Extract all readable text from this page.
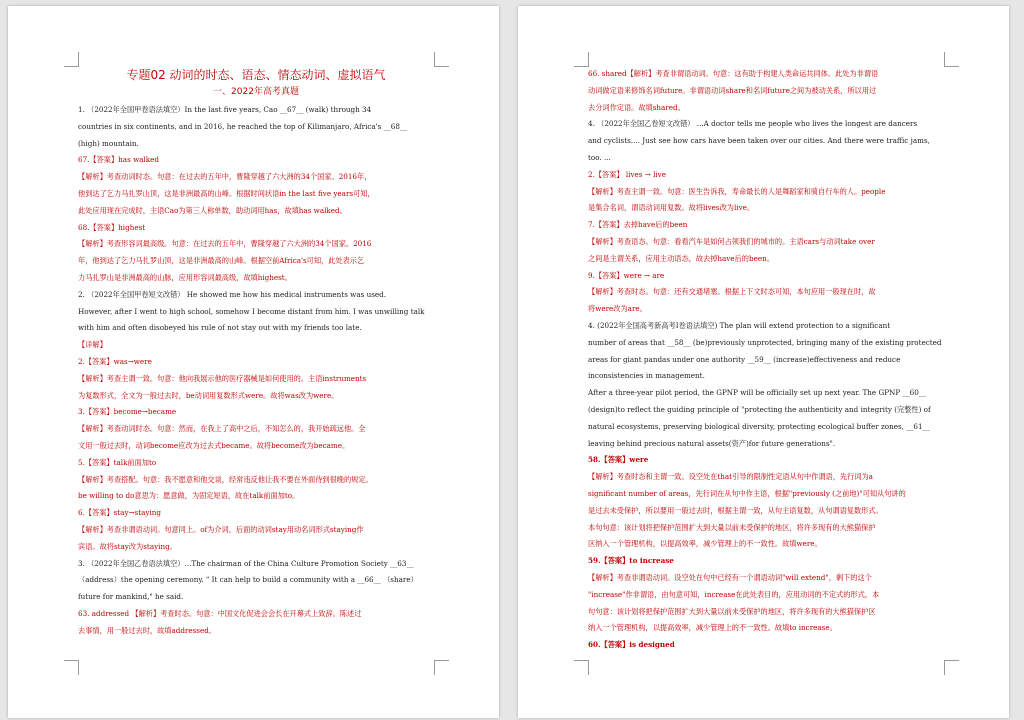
专题02 动词的时态、语态、情态动词、虚拟语气
一、2022年高考真题

1. （2022年全国甲卷语法填空）In the last five years, Cao __67__ (walk) through 34

countries in six continents, and in 2016, he reached the top of Kilimanjaro, Africa's __68__

(high) mountain.

67.【答案】has walked

【解析】考查动词时态。句意：在过去的五年中，曹隆穿越了六大洲的34个国家。2016年，

他到达了乞力马扎罗山顶，这是非洲最高的山峰。根据时间状语in the last five years可知，

此处应用现在完成时，主语Cao为第三人称单数，助动词用has，故填has walked。

68.【答案】highest

【解析】考查形容词最高级。句意：在过去的五年中，曹隆穿越了六大洲的34个国家。2016

年，他到达了乞力马扎罗山顶，这是非洲最高的山峰。根据空前Africa's可知，此处表示乞

力马扎罗山是非洲最高的山脉，应用形容词最高级，故填highest。

2. （2022年全国甲卷短文改错） He showed me how his medical instruments was used.

However, after I went to high school, somehow I become distant from him. I was unwilling talk

with him and often disobeyed his rule of not stay out with my friends too late.

【详解】

2.【答案】was→were

【解析】考查主谓一致。句意：他向我展示他的医疗器械是如何使用的。主语instruments

为复数形式，全文为一般过去时，be动词用复数形式were。故将was改为were。

3.【答案】become→became

【解析】考查动词时态。句意：然而，在我上了高中之后，不知怎么的，我开始疏远他。全

文用一般过去时，动词become应改为过去式became。故将become改为became。

5.【答案】talk前面加to

【解析】考查搭配。句意：我不愿意和他交谈，经常违反他让我不要在外面待到很晚的规定。

be willing to do意思为：愿意做，为固定短语，故在talk前面加to。

6.【答案】stay→staying

【解析】考查非谓语动词。句意同上。of为介词，后面的动词stay用动名词形式staying作

宾语。故将stay改为staying。

3. （2022年全国乙卷语法填空）...The chairman of the China Culture Promotion Society __63__

（address）the opening ceremony. " It can help to build a community with a __66__ （share）

future for mankind," he said.

63. addressed 【解析】考查时态。句意：中国文化促进会会长在开幕式上致辞。陈述过

去事情，用一般过去时，故填addressed。

66. shared【解析】考查非谓语动词。句意：这有助于构建人类命运共同体。此处为非谓语

动词做定语来修饰名词future。非谓语动词share和名词future之间为被动关系，所以用过

去分词作定语。故填shared。

4. （2022年全国乙卷短文改错） ...A doctor tells me people who lives the longest are dancers

and cyclists.... Just see how cars have been taken over our cities. And there were traffic jams,

too. ...

2.【答案】 lives → live

【解析】考查主谓一致。句意：医生告诉我，寿命最长的人是舞蹈家和骑自行车的人。people

是集合名词，谓语动词用复数。故将lives改为live。

7.【答案】去掉have后的been

【解析】考查语态。句意：看看汽车是如何占领我们的城市的。主语cars与动词take over

之间是主谓关系，应用主动语态，故去掉have后的been。

9.【答案】were → are

【解析】考查时态。句意：还有交通堵塞。根据上下文时态可知，本句应用一般现在时，故

将were改为are。

4. (2022年全国高考新高考I卷语法填空) The plan will extend protection to a significant

number of areas that __58__ (be)previously unprotected, bringing many of the existing protected

areas for giant pandas under one authority __59__ (increase)effectiveness and reduce

inconsistencies in management.

After a three-year pilot period, the GPNP will be officially set up next year. The GPNP __60__

(design)to reflect the guiding principle of "protecting the authenticity and integrity (完整性) of

natural ecosystems, preserving biological diversity, protecting ecological buffer zones, __61__

leaving behind precious natural assets(资产)for future generations".

58.【答案】were

【解析】考查时态和主谓一致。设空处在that引导的限制性定语从句中作谓语，先行词为a

significant number of areas，先行词在从句中作主语，根据"previously (之前地)"可知从句讲的

是过去未受保护，所以要用一般过去时，根据主谓一致，从句主语复数，从句谓语复数形式。

本句句意：该计划将把保护范围扩大到大量以前未受保护的地区，将许多现有的大熊猫保护

区纳入一个管理机构，以提高效率，减少管理上的不一致性。故填were。

59.【答案】to increase

【解析】考查非谓语动词。设空处在句中已经有一个谓语动词"will extend"，剩下的这个

"increase"作非谓语，由句意可知，increase在此处表目的，应用动词的不定式的形式，本

句句意：该计划将把保护范围扩大到大量以前未受保护的地区，将许多现有的大熊猫保护区

纳入一个管理机构，以提高效率，减少管理上的不一致性。故填to increase。

60.【答案】is designed
